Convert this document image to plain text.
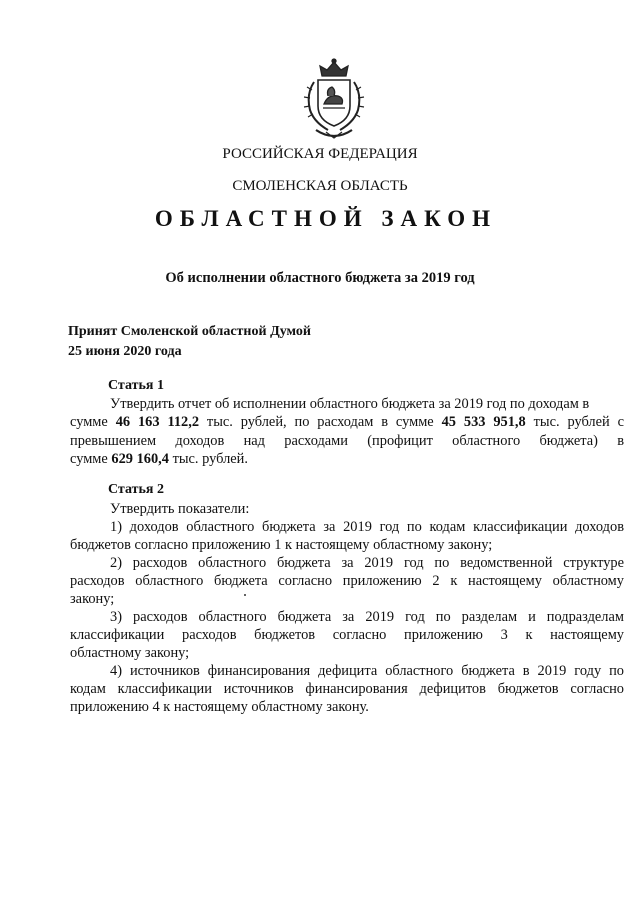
РОССИЙСКАЯ ФЕДЕРАЦИЯ
СМОЛЕНСКАЯ ОБЛАСТЬ
ОБЛАСТНОЙ ЗАКОН
Об исполнении областного бюджета за 2019 год
Принят Смоленской областной Думой
25 июня 2020 года
Статья 1
Утвердить отчет об исполнении областного бюджета за 2019 год по доходам в
сумме 46 163 112,2 тыс. рублей, по расходам в сумме 45 533 951,8 тыс. рублей с
превышением доходов над расходами (профицит областного бюджета) в
сумме 629 160,4 тыс. рублей.
Статья 2
Утвердить показатели:
1) доходов областного бюджета за 2019 год по кодам классификации доходов
бюджетов согласно приложению 1 к настоящему областному закону;
2) расходов областного бюджета за 2019 год по ведомственной структуре
расходов областного бюджета согласно приложению 2 к настоящему областному
закону;
3) расходов областного бюджета за 2019 год по разделам и подразделам
классификации расходов бюджетов согласно приложению 3 к настоящему
областному закону;
4) источников финансирования дефицита областного бюджета в 2019 году по
кодам классификации источников финансирования дефицитов бюджетов согласно
приложению 4 к настоящему областному закону.
